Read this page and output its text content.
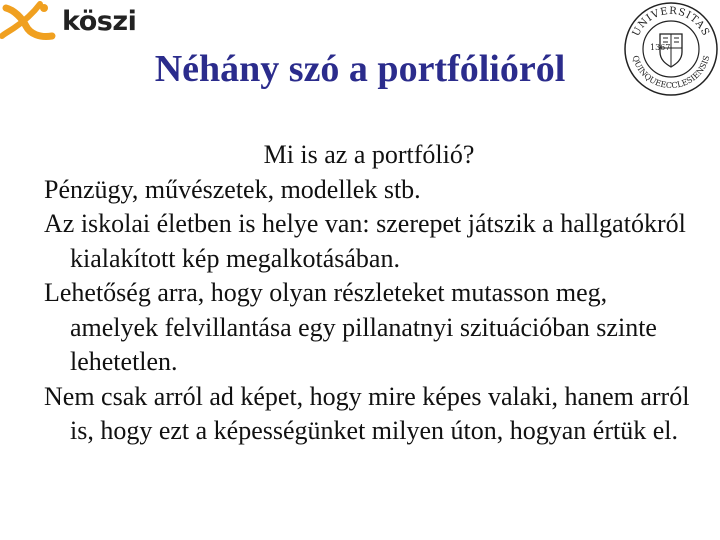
köszi
Néhány szó a portfólióról
UNIVERSITAS
QUINQUEECCLESIENSIS
1367

Mi is az a portfólió?

Pénzügy, művészetek, modellek stb.

Az iskolai életben is helye van: szerepet játszik a hallgatókról kialakított kép megalkotásában.

Lehetőség arra, hogy olyan részleteket mutasson meg, amelyek felvillantása egy pillanatnyi szituációban szinte lehetetlen.

Nem csak arról ad képet, hogy mire képes valaki, hanem arról is, hogy ezt a képességünket milyen úton, hogyan értük el.
